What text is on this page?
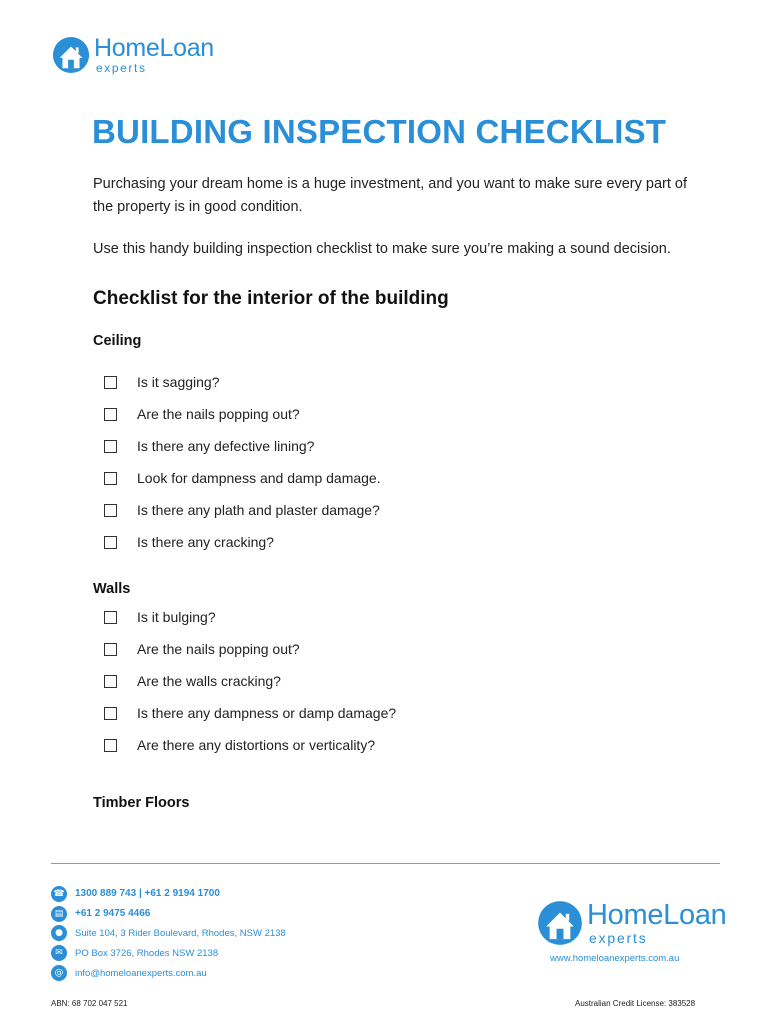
HomeLoan
experts
BUILDING INSPECTION CHECKLIST

Purchasing your dream home is a huge investment, and you want to make sure every part of the property is in good condition.

Use this handy building inspection checklist to make sure you’re making a sound decision.

Checklist for the interior of the building
Ceiling
Is it sagging?
Are the nails popping out?
Is there any defective lining?
Look for dampness and damp damage.
Is there any plath and plaster damage?
Is there any cracking?
Walls
Is it bulging?
Are the nails popping out?
Are the walls cracking?
Is there any dampness or damp damage?
Are there any distortions or verticality?
Timber Floors
☎ 1300 889 743 | +61 2 9194 1700
▤	+61 2 9475 4466
●	Suite 104, 3 Rider Boulevard, Rhodes, NSW 2138
✉	PO Box 3726, Rhodes NSW 2138
@	info@homeloanexperts.com.au
HomeLoan
experts
www.homeloanexperts.com.au
ABN: 68 702 047 521	Australian Credit License: 383528
